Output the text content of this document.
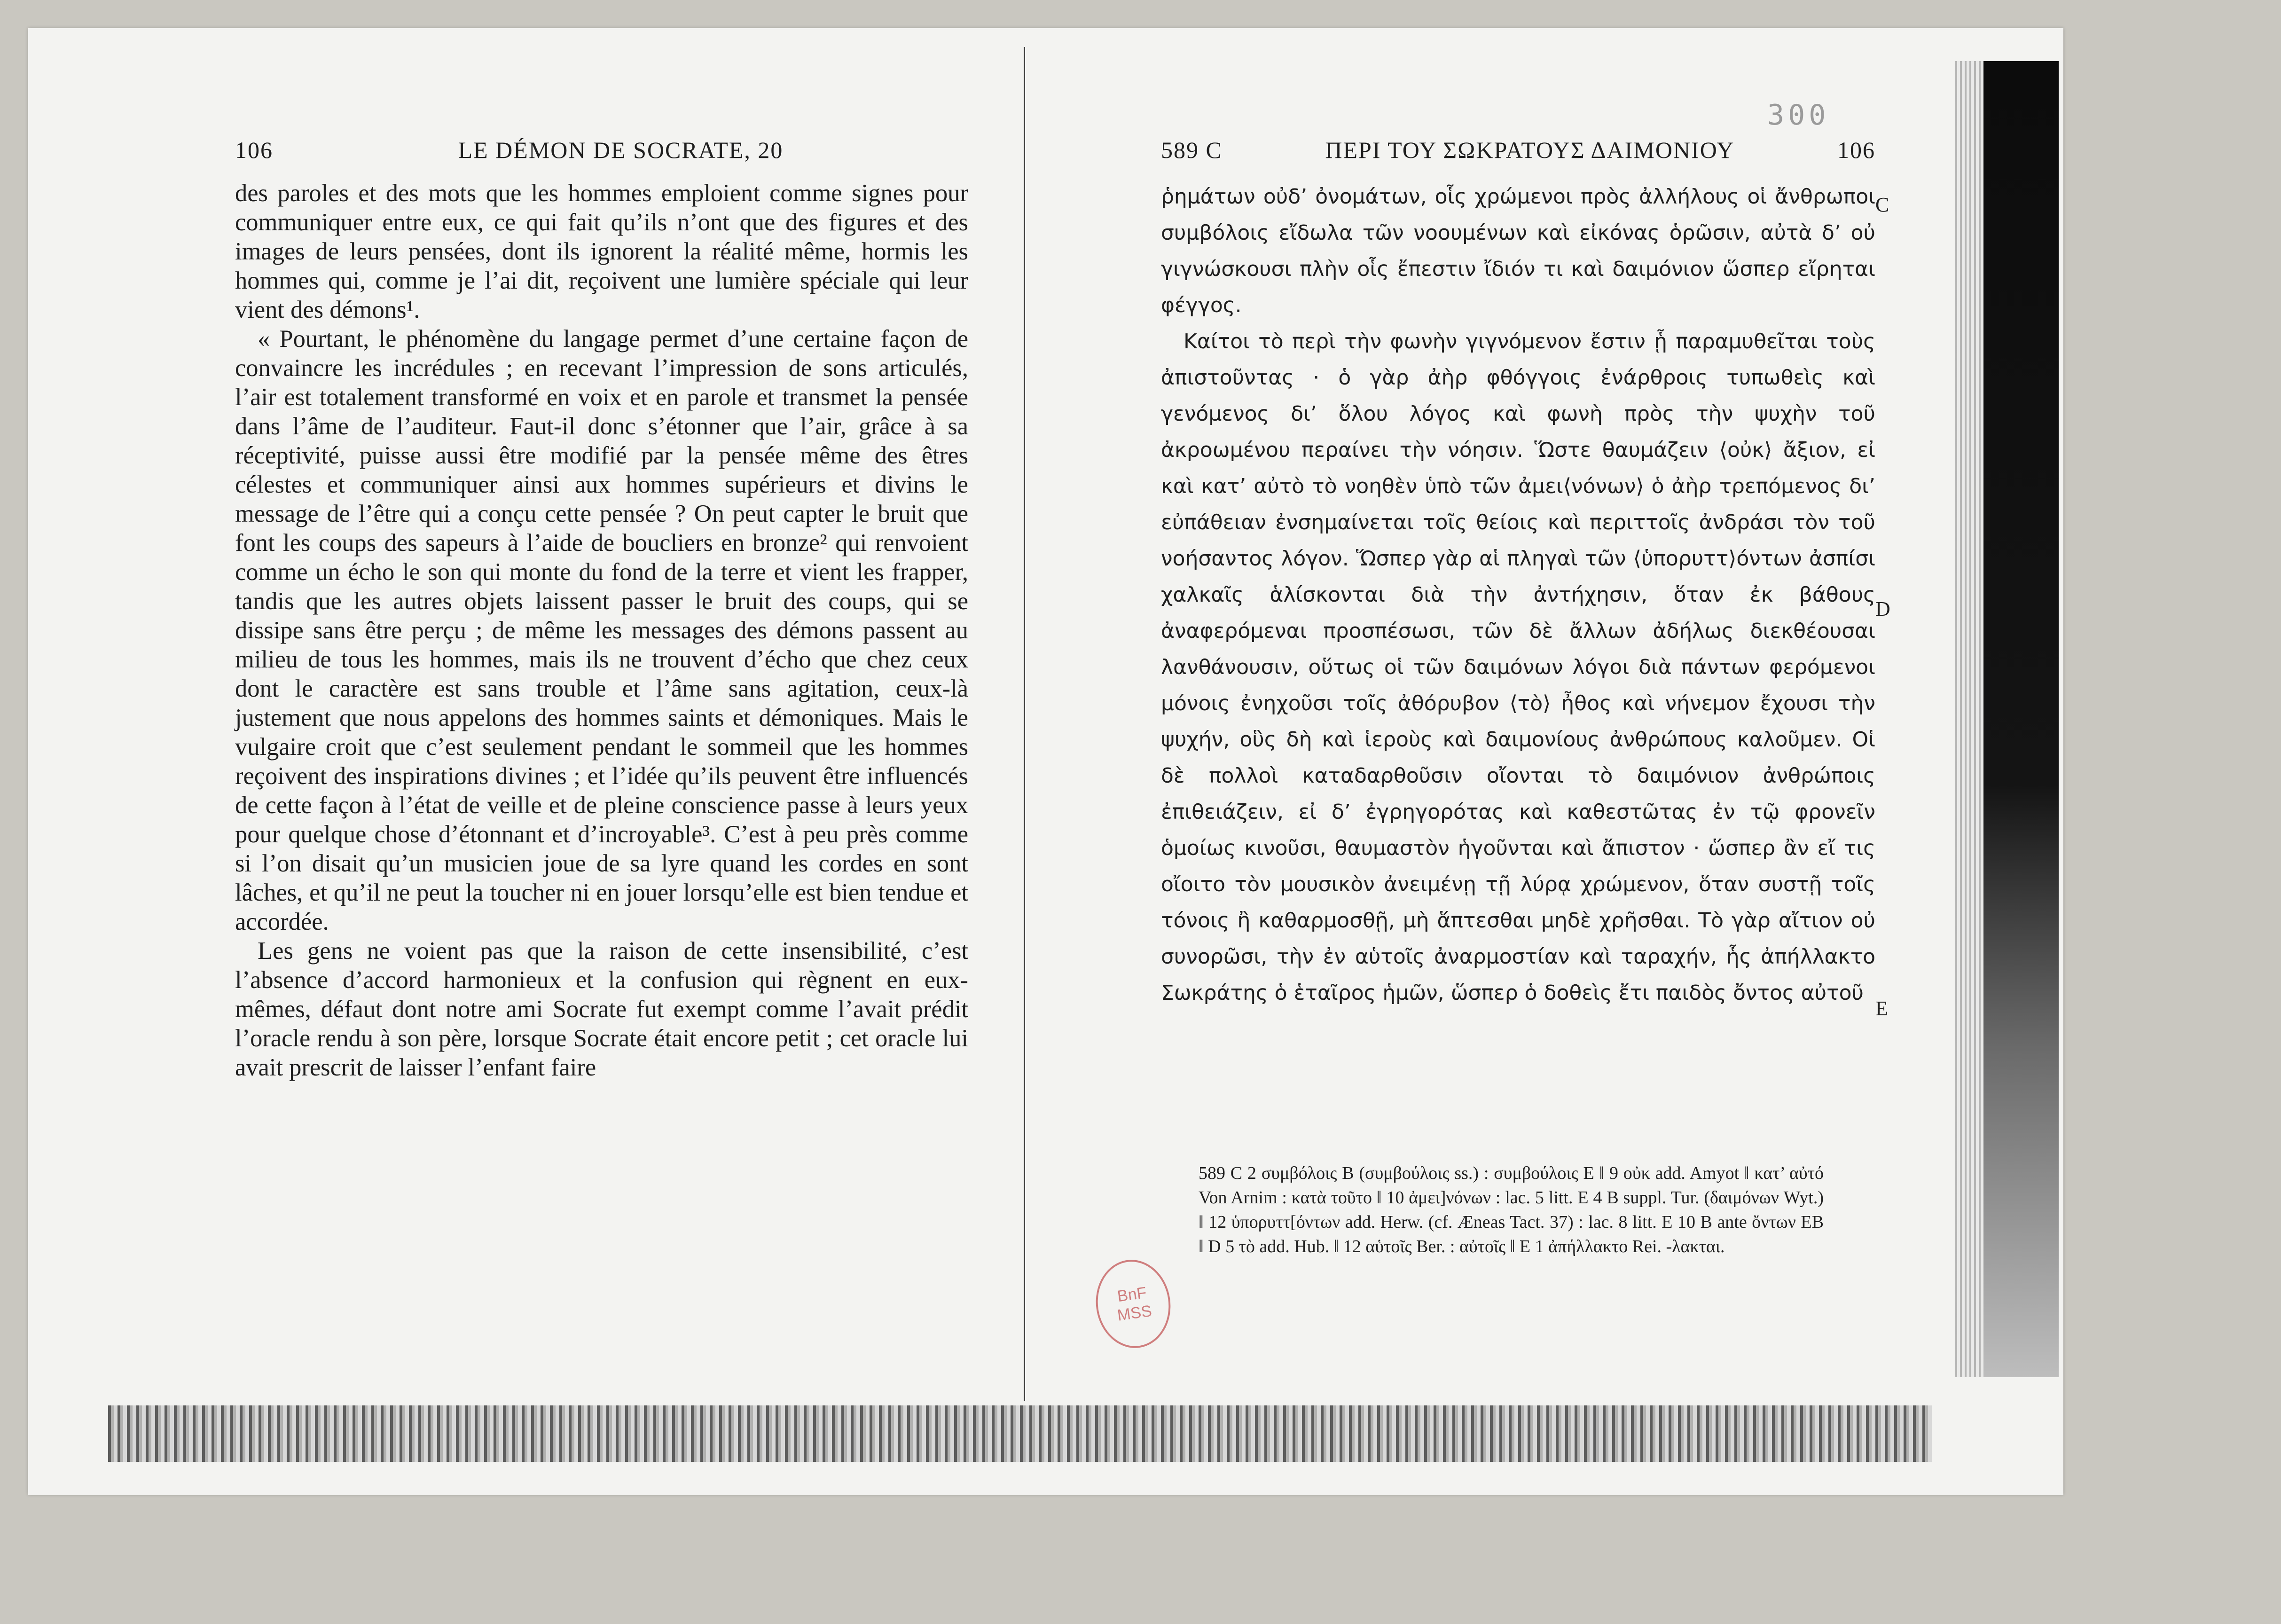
106	LE DÉMON DE SOCRATE, 20

des paroles et des mots que les hommes emploient comme signes pour communiquer entre eux, ce qui fait qu’ils n’ont que des figures et des images de leurs pensées, dont ils ignorent la réalité même, hormis les hommes qui, comme je l’ai dit, reçoivent une lumière spéciale qui leur vient des démons¹.

« Pourtant, le phénomène du langage permet d’une certaine façon de convaincre les incrédules ; en recevant l’impression de sons articulés, l’air est totalement transformé en voix et en parole et transmet la pensée dans l’âme de l’auditeur. Faut-il donc s’étonner que l’air, grâce à sa réceptivité, puisse aussi être modifié par la pensée même des êtres célestes et communiquer ainsi aux hommes supérieurs et divins le message de l’être qui a conçu cette pensée ? On peut capter le bruit que font les coups des sapeurs à l’aide de boucliers en bronze² qui renvoient comme un écho le son qui monte du fond de la terre et vient les frapper, tandis que les autres objets laissent passer le bruit des coups, qui se dissipe sans être perçu ; de même les messages des démons passent au milieu de tous les hommes, mais ils ne trouvent d’écho que chez ceux dont le caractère est sans trouble et l’âme sans agitation, ceux-là justement que nous appelons des hommes saints et démoniques. Mais le vulgaire croit que c’est seulement pendant le sommeil que les hommes reçoivent des inspirations divines ; et l’idée qu’ils peuvent être influencés de cette façon à l’état de veille et de pleine conscience passe à leurs yeux pour quelque chose d’étonnant et d’incroyable³. C’est à peu près comme si l’on disait qu’un musicien joue de sa lyre quand les cordes en sont lâches, et qu’il ne peut la toucher ni en jouer lorsqu’elle est bien tendue et accordée.

Les gens ne voient pas que la raison de cette insensibilité, c’est l’absence d’accord harmonieux et la confusion qui règnent en eux-mêmes, défaut dont notre ami Socrate fut exempt comme l’avait prédit l’oracle rendu à son père, lorsque Socrate était encore petit ; cet oracle lui avait prescrit de laisser l’enfant faire

589 C	ΠΕΡΙ ΤΟΥ ΣΩΚΡΑΤΟΥΣ ΔΑΙΜΟΝΙΟΥ	106

ῥημάτων οὐδ’ ὀνομάτων, οἷς χρώμενοι πρὸς ἀλλήλους οἱ ἄνθρωποι συμβόλοις εἴδωλα τῶν νοουμένων καὶ εἰκόνας ὁρῶσιν, αὐτὰ δ’ οὐ γιγνώσκουσι πλὴν οἷς ἔπεστιν ἴδιόν τι καὶ δαιμόνιον ὥσπερ εἴρηται φέγγος.

Καίτοι τὸ περὶ τὴν φωνὴν γιγνόμενον ἔστιν ᾗ παραμυθεῖται τοὺς ἀπιστοῦντας · ὁ γὰρ ἀὴρ φθόγγοις ἐνάρθροις τυπωθεὶς καὶ γενόμενος δι’ ὅλου λόγος καὶ φωνὴ πρὸς τὴν ψυχὴν τοῦ ἀκροωμένου περαίνει τὴν νόησιν. Ὥστε θαυμάζειν ⟨οὐκ⟩ ἄξιον, εἰ καὶ κατ’ αὐτὸ τὸ νοηθὲν ὑπὸ τῶν ἀμει⟨νόνων⟩ ὁ ἀὴρ τρεπόμενος δι’ εὐπάθειαν ἐνσημαίνεται τοῖς θείοις καὶ περιττοῖς ἀνδράσι τὸν τοῦ νοήσαντος λόγον. Ὥσπερ γὰρ αἱ πληγαὶ τῶν ⟨ὑπορυττ⟩όντων ἀσπίσι χαλκαῖς ἁλίσκονται διὰ τὴν ἀντήχησιν, ὅταν ἐκ βάθους ἀναφερόμεναι προσπέσωσι, τῶν δὲ ἄλλων ἀδήλως διεκθέουσαι λανθάνουσιν, οὕτως οἱ τῶν δαιμόνων λόγοι διὰ πάντων φερόμενοι μόνοις ἐνηχοῦσι τοῖς ἀθόρυβον ⟨τὸ⟩ ἦθος καὶ νήνεμον ἔχουσι τὴν ψυχήν, οὓς δὴ καὶ ἱεροὺς καὶ δαιμονίους ἀνθρώπους καλοῦμεν. Οἱ δὲ πολλοὶ καταδαρθοῦσιν οἴονται τὸ δαιμόνιον ἀνθρώποις ἐπιθειάζειν, εἰ δ’ ἐγρηγορότας καὶ καθεστῶτας ἐν τῷ φρονεῖν ὁμοίως κινοῦσι, θαυμαστὸν ἡγοῦνται καὶ ἄπιστον · ὥσπερ ἂν εἴ τις οἴοιτο τὸν μουσικὸν ἀνειμένῃ τῇ λύρᾳ χρώμενον, ὅταν συστῇ τοῖς τόνοις ἢ καθαρμοσθῇ, μὴ ἅπτεσθαι μηδὲ χρῆσθαι. Τὸ γὰρ αἴτιον οὐ συνορῶσι, τὴν ἐν αὑτοῖς ἀναρμοστίαν καὶ ταραχήν, ἧς ἀπήλλακτο Σωκράτης ὁ ἑταῖρος ἡμῶν, ὥσπερ ὁ δοθεὶς ἔτι παιδὸς ὄντος αὐτοῦ

C
D
E
589 C 2 συμβόλοις B (συμβούλοις ss.) : συμβούλοις E ‖ 9 οὐκ add. Amyot ‖ κατ’ αὐτό Von Arnim : κατὰ τοῦτο ‖ 10 ἀμει]νόνων : lac. 5 litt. E 4 B suppl. Tur. (δαιμόνων Wyt.) ‖ 12 ὑπορυττ[όντων add. Herw. (cf. Æneas Tact. 37) : lac. 8 litt. E 10 B ante ὄντων EB ‖ D 5 τὸ add. Hub. ‖ 12 αὑτοῖς Ber. : αὐτοῖς ‖ E 1 ἀπήλλακτο Rei. -λακται.
300
BnF
MSS
